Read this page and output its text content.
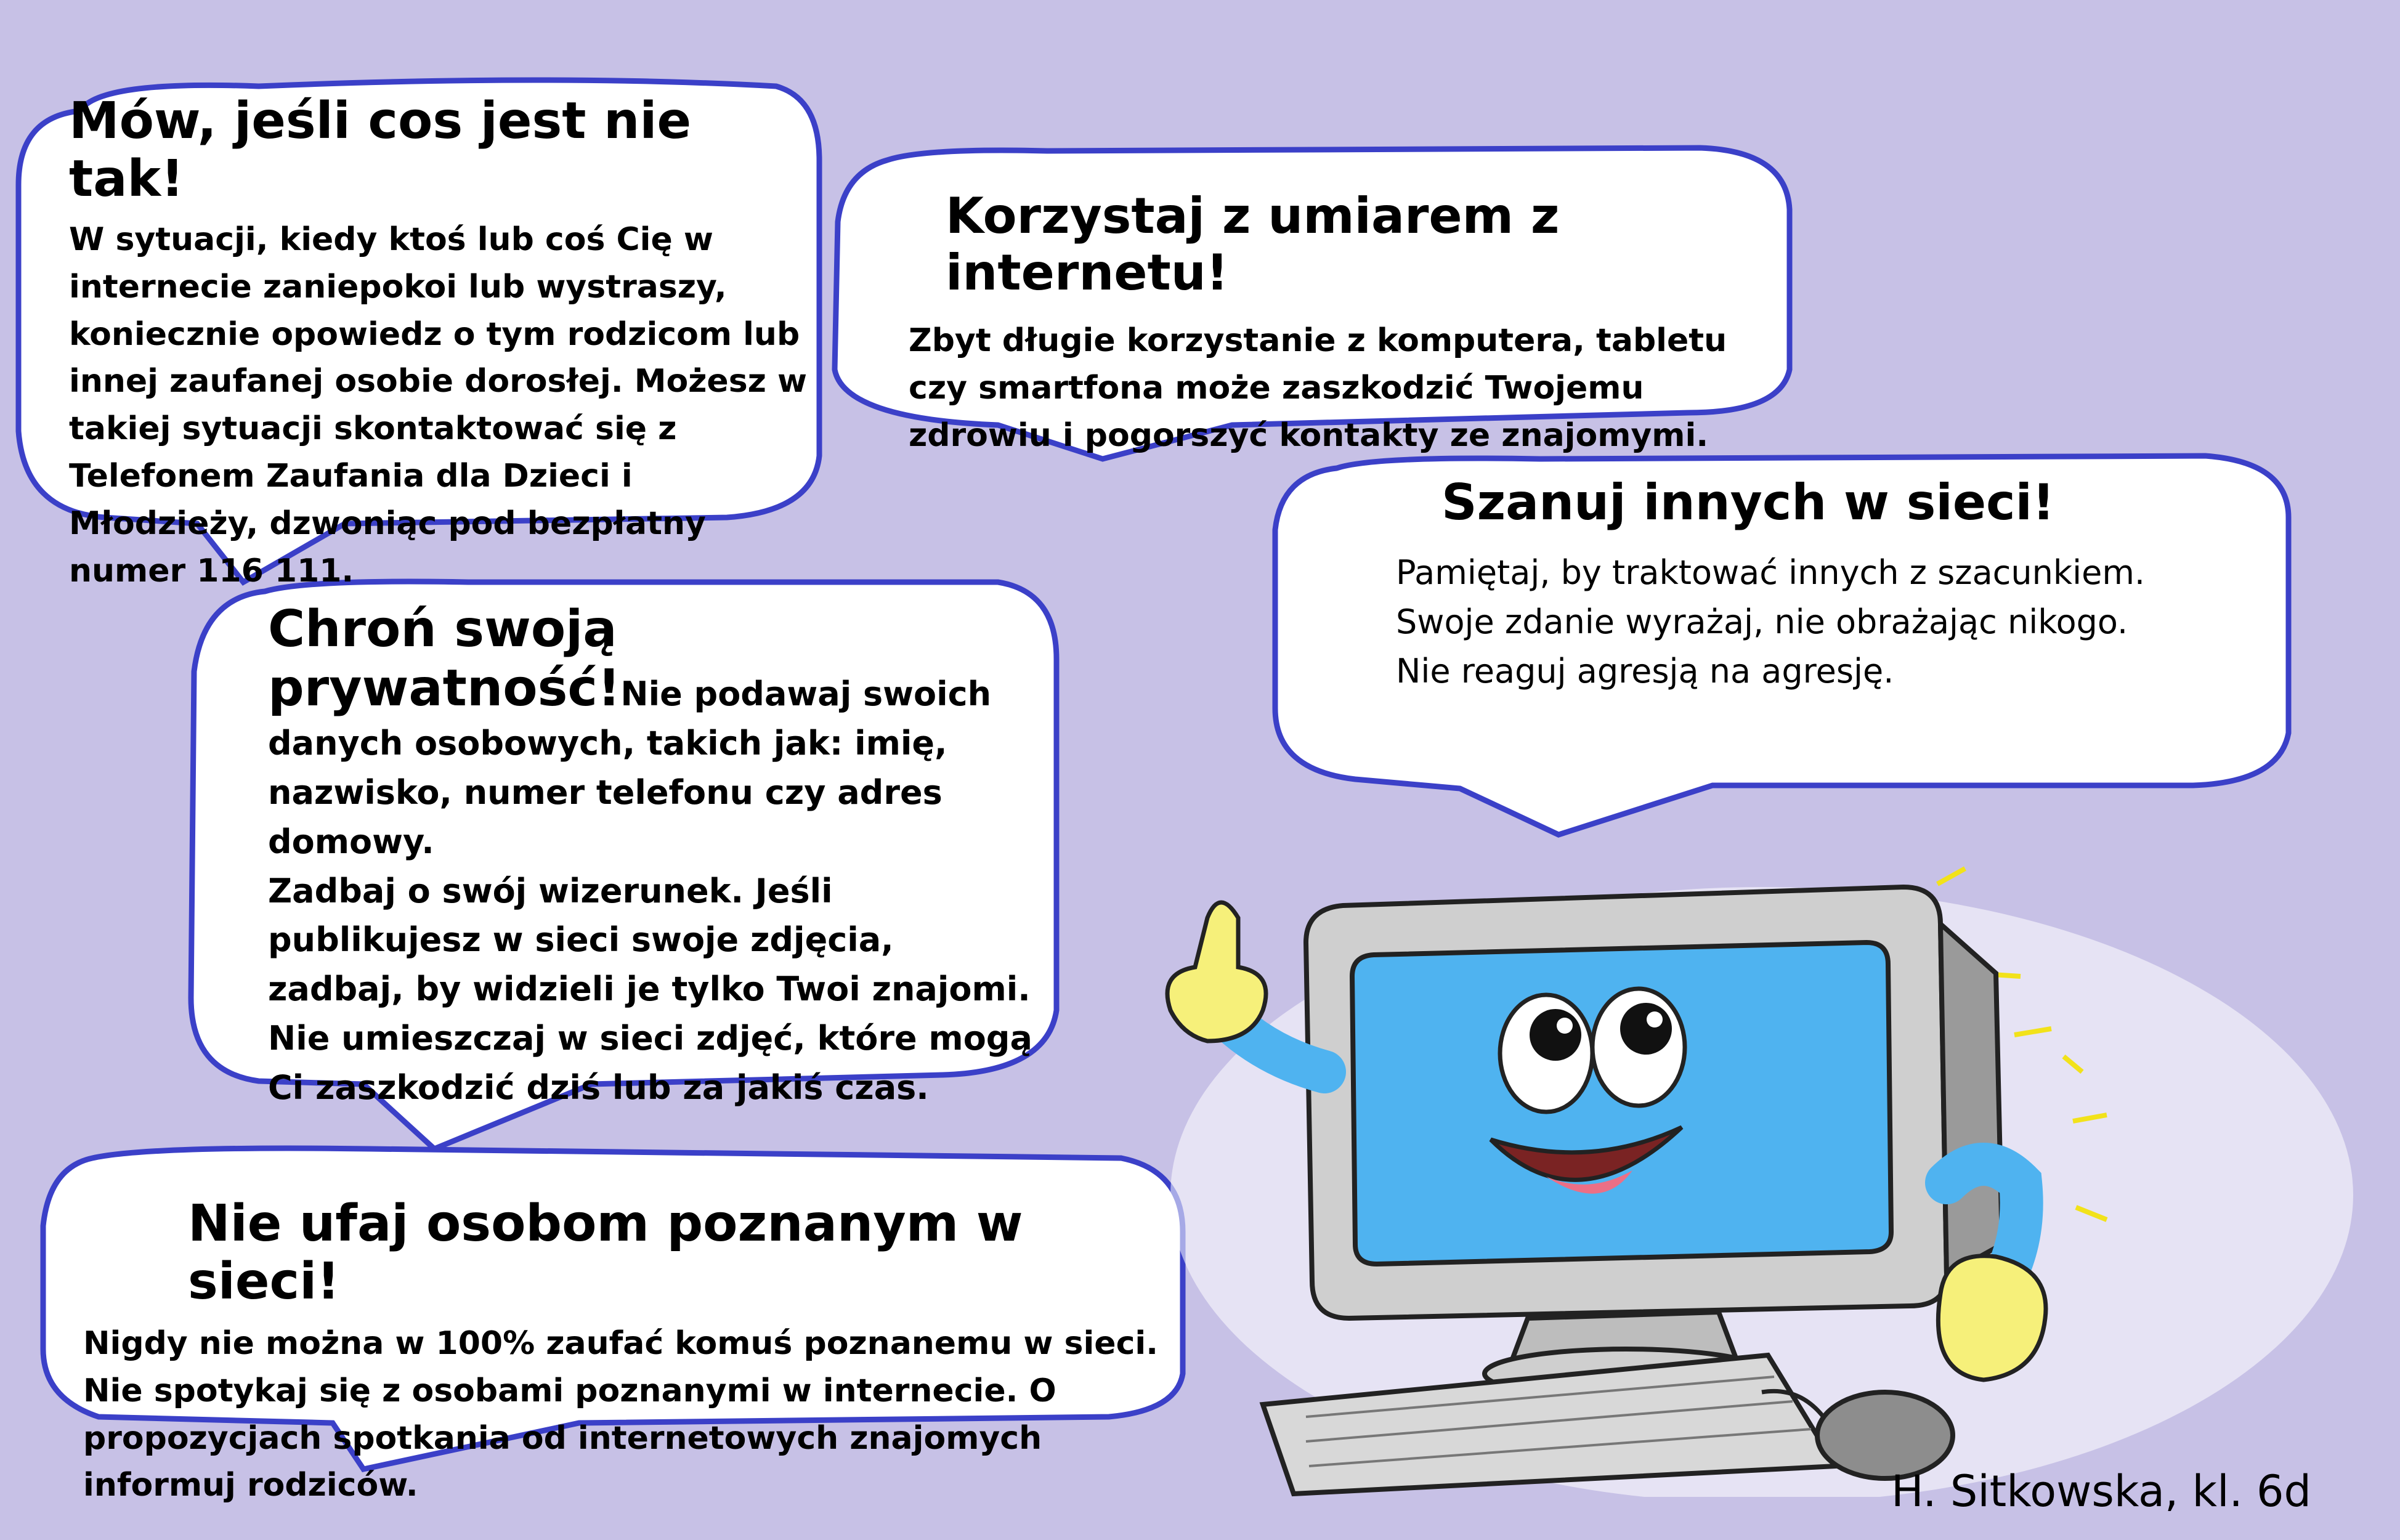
Mów, jeśli cos jest nie tak!
W sytuacji, kiedy ktoś lub coś Cię w internecie zaniepokoi lub wystraszy, koniecznie opowiedz o tym rodzicom lub innej zaufanej osobie dorosłej. Możesz w takiej sytuacji skontaktować się z Telefonem Zaufania dla Dzieci i Młodzieży, dzwoniąc pod bezpłatny numer 116 111.
Korzystaj z umiarem z internetu!
Zbyt długie korzystanie z komputera, tabletu czy smartfona może zaszkodzić Twojemu zdrowiu i pogorszyć kontakty ze znajomymi.
Szanuj innych w sieci!
Pamiętaj, by traktować innych z szacunkiem.
Swoje zdanie wyrażaj, nie obrażając nikogo.
Nie reaguj agresją na agresję.
Chroń swoją prywatność!Nie podawaj swoich danych osobowych, takich jak: imię, nazwisko, numer telefonu czy adres domowy.
Zadbaj o swój wizerunek. Jeśli publikujesz w sieci swoje zdjęcia, zadbaj, by widzieli je tylko Twoi znajomi. Nie umieszczaj w sieci zdjęć, które mogą Ci zaszkodzić dziś lub za jakiś czas.
Nie ufaj osobom poznanym w sieci!
Nigdy nie można w 100% zaufać komuś poznanemu w sieci. Nie spotykaj się z osobami poznanymi w internecie. O propozycjach spotkania od internetowych znajomych informuj rodziców.	H. Sitkowska, kl. 6d
